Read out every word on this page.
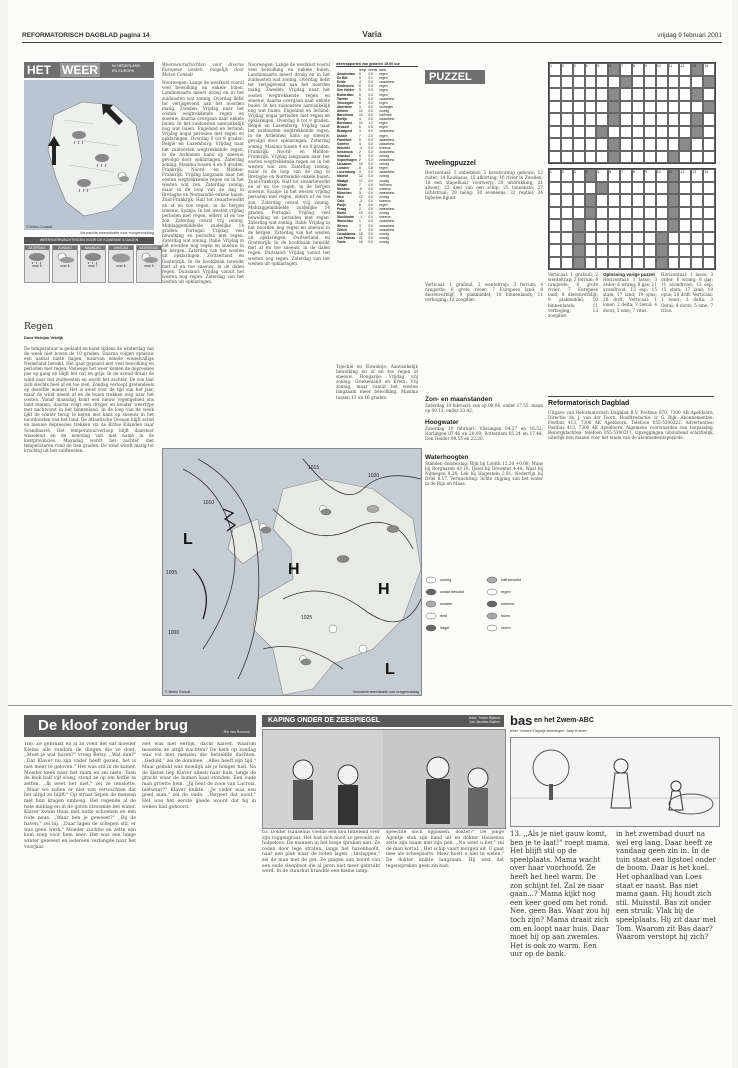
REFORMATORISCH DAGBLAD pagina 14	Varia	vrijdag 9 februari 2001
HET WEER	IN NEDERLAND
EN EUROPA
© Meteo Consult
Verwachte weersituatie voor morgenmiddag
WEERSVERWACHTINGEN VOOR DE KOMENDE 5 DAGEN
ZATERDAG
max 5
ZONDAG
max 6
MAANDAG
max 7
DINSDAG
max 6
WOENSDAG
max 5
Regen
Door Meinjan Veldijk
De temperatuur is gedaald en komt tijdens de winterdag van de week niet boven de 10 graden. Daarna volgen opnieuw een aantal natte dagen, waarvan enkele wisselvallige Nederland bereikt. Het gaat gepaard met veel bewolking en perioden met regen. Vanwege het weer komen de depressies pas op gang en blijft het nat en grijs. In de avond draait de wind naar het zuidwesten en wordt het zachter. De zon laat zich slechts heel af en toe zien. Zondag verloopt grotendeels op dezelfde manier. Het is koud voor de tijd van het jaar, maar de wind neemt af en de buien trekken weg naar het oosten. Vanaf maandag komt een nieuw regengebied ons land binnen, daarna volgt een droger en kouder weertype met nachtvorst in het binnenland. In de loop van de week lijkt de winter terug te keren met kans op sneeuw in het noordoosten van het land. De Atlantische Oceaan blijft actief en nieuwe depressies trekken via de Britse Eilanden naar Scandinavië. Het temperatuurverloop blijft daardoor wisselend en de neerslag valt met name in de kustprovincies. Maandag wordt het zachter met temperaturen rond de tien graden. De wind wordt matig tot krachtig uit het zuidwesten.
Weersvooruitzichten voor diverse Europese landen, mogelijk door Meteo Consult
Noorwegen: Lange de westkust vooral veel bewolking en enkele buien. Landinwaarts meest droog en in het zuidoosten wat zonnig. Overdag liefst ter verijsgevend aan het noorden matig. Zweden: Vrijdag naar het oosten wegtrekkende regen en sneeuw, daarna overgaan naar enkele buien. In het zuidoosten aanvankelijk nog wat buien. Engeland en Ierland: Vrijdag nogal perioden met regen en opklaringen. Overdag 6 tot 9 graden. België en Luxemburg: Vrijdag naar het zuidoosten wegtrekkende regen, in de Ardennen kans op sneeuw, gevolgd door opklaringen. Zaterdag zonnig. Maxima tussen 4 en 8 graden. Frankrijk: Noord- en Midden-Frankrijk: Vrijdag langzaam naar het oosten wegtrekkende regen en in het westen wat zon. Zaterdag zonnig, maar in de loop van de dag in Bretagne en Normandië enkele buien. Zuid-Frankrijk: Half tot zwaarbewolkt en af en toe regen, in de bergen sneeuw. Spanje: In het westen vrijdag perioden met regen, elders af en toe zon. Zaterdag overal vrij zonnig. Middaggemiddelde zuidelijke 14 graden. Portugal: Vrijdag veel bewolking en perioden met regen. Zaterdag wat zonnig. Italië: Vrijdag in het noorden nog regen en sneeuw in de bergen. Zaterdag van het westen uit opklaringen. Zwitserland en Oostenrijk: In de hoofdzaak bewolkt met af en toe sneeuw, in de dalen regen. Duitsland: Vrijdag vanuit het westen nog regen. Zaterdag van het westen uit opklaringen.
Noorwegen: Lange de westkust vooral veel bewolking en enkele buien. Landinwaarts meest droog en in het zuidoosten wat zonnig. Overdag liefst ter verijsgevend aan het noorden matig. Zweden: Vrijdag naar het oosten wegtrekkende regen en sneeuw, daarna overgaan naar enkele buien. In het zuidoosten aanvankelijk nog wat buien. Engeland en Ierland: Vrijdag nogal perioden met regen en opklaringen. Overdag 6 tot 9 graden. België en Luxemburg: Vrijdag naar het zuidoosten wegtrekkende regen, in de Ardennen kans op sneeuw, gevolgd door opklaringen. Zaterdag zonnig. Maxima tussen 4 en 8 graden. Frankrijk: Noord- en Midden-Frankrijk: Vrijdag langzaam naar het oosten wegtrekkende regen en in het westen wat zon. Zaterdag zonnig, maar in de loop van de dag in Bretagne en Normandië enkele buien. Zuid-Frankrijk: Half tot zwaarbewolkt en af en toe regen, in de bergen sneeuw. Spanje: In het westen vrijdag perioden met regen, elders af en toe zon. Zaterdag overal vrij zonnig. Middaggemiddelde zuidelijke 14 graden. Portugal: Vrijdag veel bewolking en perioden met regen. Zaterdag wat zonnig. Italië: Vrijdag in het noorden nog regen en sneeuw in de bergen. Zaterdag van het westen uit opklaringen. Zwitserland en Oostenrijk: In de hoofdzaak bewolkt met af en toe sneeuw, in de dalen regen. Duitsland: Vrijdag vanuit het westen nog regen. Zaterdag van het westen uit opklaringen.
weerrapporten van gisteren 19.00 uur
	temp	neersl	weer
Amsterdam	5	0.0	regen
De Bilt	5	0.1	regen
Eelde	4	0.0	zwaarbew.
Eindhoven	6	0.3	regen
Den Helder	5	0.0	regen
Rotterdam	6	0.4	regen
Twente	5	0.0	zwaarbew.
Vlissingen	6	0.2	regen
Aberdeen	3	0.0	motregen
Athene	14	0.0	zonnig
Barcelona	13	0.0	half bew.
Berlijn	4	0.0	zwaarbew.
Bordeaux	10	1.2	regen
Brussel	6	0.5	regen
Budapest	3	0.0	zwaarbew.
Dublin	7	2.0	regen
Frankfurt	5	0.0	zwaarbew.
Genève	4	0.0	zwaarbew.
Helsinki	-4	0.0	sneeuw
Innsbruck	2	0.0	zwaarbew.
Istanbul	9	0.0	zonnig
Kopenhagen	2	0.0	zwaarbew.
Lissabon	15	0.0	zonnig
Londen	8	0.8	regen
Luxemburg	4	0.0	zwaarbew.
Madrid	12	0.0	zonnig
Malaga	17	0.0	zonnig
Milaan	7	0.0	half bew.
Moskou	-6	0.0	sneeuw
München	3	0.0	zwaarbew.
Nice	12	0.0	zonnig
Oslo	-2	0.0	sneeuw
Parijs	8	0.6	regen
Praag	2	0.0	zwaarbew.
Rome	13	0.0	zonnig
Stockholm	-1	0.0	sneeuw
Warschau	1	0.0	zwaarbew.
Wenen	3	0.0	zwaarbew.
Zürich	4	0.0	zwaarbew.
Casablanca	18	0.0	zonnig
Las Palmas	21	0.0	zonnig
Tunis	16	0.0	zonnig
Tsjechië en Slowakije: Aanvankelijk bewolking en af en toe regen of sneeuw. Hongarije: Vrijdag vrij zonnig. Griekenland en Kreta: Vrij zonnig, maar vanuit het westen langzaam meer bewolking. Maxima tussen 13 en 16 graden.
PUZZEL
1	2	3	4	5	6	7	8	9	10	11	12	13	14
1	2	3	4	5	6	7	8	9	10	11	12	13	14
Tweelingpuzzel
Horizontaal: 1 onbekend; 5 hevelvormig gebouw; 12 ruiter; 14 Kaukasus; 15 afkorting; 16 rivier in Zweden; 18 een stapelbaar voorwerp; 20 uitdrukking; 21 alweer; 23 deel van een schip; 25 binnenste; 27 lichtstraal; 29 heilig; 30 eveneens; 32 reptiel; 34 bijbelse figuur.
Verticaal: 1 grafzuil; 2 wenteltrap; 3 ferrum; 4 rangorde; 6 grote rivier; 7 Europees land; 8 dierenverblijf; 9 plakmiddel; 10 binnenlands; 11 verhoging; 13 zoogdier.
Verticaal: 1 grafzuil; 2 wenteltrap; 3 ferrum; 4 rangorde; 6 grote rivier; 7 Europees land; 8 dierenverblijf; 9 plakmiddel; 10 binnenlands; 11 verhoging; 13 zoogdier.
Oplossing vorige puzzel
Horizontaal: 1 lasso; 3 order; 6 wrang; 8 gas; 11 avondrood; 13 esp; 15 stam; 17 land; 19 opus; 20 drift. Verticaal: 1 loner; 2 delta; 3 Oeral; 4 dorst; 5 ome; 7 ritus.
Horizontaal: 1 lasso; 3 order; 6 wrang; 8 gas; 11 avondrood; 13 esp; 15 stam; 17 land; 19 opus; 20 drift. Verticaal: 1 loner; 2 delta; 3 Oeral; 4 dorst; 5 ome; 7 ritus.
Zon- en maanstanden
Zaterdag 10 februari: zon op 08.04, onder 17.55. maan op 09.13, onder 23.42.
Hoogwater
Zaterdag 10 februari: Vlissingen 04.27 en 16.52; Harlingen 07.46 en 20.09; Rotterdam 05.24 en 17.48; Den Helder 09.55 en 22.20.
Waterhoogten
Standen donderdag: Rijn bij Lobith 12.20 +0.08; Maas bij Borgharen 43.10; IJssel bij Deventer 4.48; Waal bij Nijmegen 9.24; Lek bij Hagestein 2.81; Nederrijn bij Driel 8.17. Verwachting: lichte stijging van het water in de Rijn en Maas.
Reformatorisch Dagblad
Uitgave van Reformatorisch Dagblad B.V. Postbus 670, 7300 AR Apeldoorn. Directie: ds. J. van der Toorn. Hoofdredactie: ir. G. Rijk. Abonnementen: Postbus 413, 7300 AK Apeldoorn. Telefoon 055-5390222. Advertenties: Postbus 413, 7300 AK Apeldoorn. Algemene voorwaarden van toepassing. Bezorgklachten: telefoon 055-5390211. Opzeggingen uitsluitend schriftelijk, uiterlijk één maand voor het einde van de abonnementsperiode.
L
H
H
L
1015
1020
1010
1005
1000
1025
© Meteo Consult	Verwachte weersituatie voor morgenmiddag
zonnig	half bewolkt
zwaar bewolkt	regen
onweer	sneeuw
mist	buien
hagel	storm
De kloof zonder brug	Rie van Rossum
166. Ze gebruikt en al zo voelt het dat moeder Kleine alle rondom de dingen die ze doet. ,,Moet je wat horen?" vroeg Betsy. ,,Wat dan?" ,,Dat Klaver nu zijn vader heeft gezien, het is niet meer te geloven." Het was stil in de kamer. Moeder keek naar het raam en zei niets. Toen de klok half vijf sloeg, stond ze op om koffie te zetten. ,,Ik weet het niet," zei ze tenslotte. ,,Maar we zullen er niet van verwachten dat het altijd zo blijft." Op straat liepen de mensen met hun kragen omhoog. Het regende al de hele middag en in de goten stroomde het water. Klaver kwam thuis met natte schoenen en een rode neus. ,,Waar ben je geweest?" ,,Bij de haven," zei hij. ,,Daar lagen de schepen stil, er was geen werk." Moeder zuchtte en zette een kom soep voor hem neer. Het was een lange winter geweest en iedereen verlangde naar het voorjaar.
Het was niet eerlijk, dacht Klaver. Waarom moesten ze altijd wachten? De kerk op zondag was vol met mensen die hetzelfde dachten. ,,Geduld," zei de dominee. ,,Alles heeft zijn tijd." Maar geduld was moeilijk als je honger had. Na de dienst liep Klaver alleen naar huis, langs de gracht waar de bomen kaal stonden. Een oude man groette hem. ,,Jij bent de zoon van Lacroix, nietwaar?" Klaver knikte. ,,Je vader was een goed man," zei de oude. ,,Vergeet dat nooit." Het was het eerste goede woord dat hij in weken had gehoord.
KAPING ONDER DE ZEESPIEGEL	tekst: Tineke Bijlsma
Jan Jacobse Bakker
63. Dokter Hausenus voelde een kou tintelend over zijn ruggengraat. Het had zich nooit zo gevoeld, zo hulpeloos. De mannen in het busje spraken niet. Ze reden door lege straten, langs het havenhoofd, naar een plek waar de boten lagen. ,,Instappen," zei de man met de pet. Ze gingen aan boord van een oude sleepboot die al jaren niet meer gebruikt werd. In de stuurhut brandde een kleine lamp.
speechte doch oppassen, dokter?" De jonge Agentje stak zijn hand uit en dokter Hausenus zette zijn naam met zijn pen. ,,Nu weet u het," zei de man kortaf. ,,Het schip vaart morgen uit. U gaat mee als scheepsarts. Meer hoeft u niet te weten." De dokter knikte langzaam. Hij wist dat tegenspreken geen zin had.
bas en het Zwem-ABC
tekst: Vincent Klapwijk tekeningen: Jaap Kramer
13. ,,Als je niet gauw komt, ben je te laat!" roept mama. Het blijft stil op de speelplaats. Mama wacht over haar voorhoofd. Ze heeft het heel warm. De zon schijnt fel. Zal ze naar gaan...? Mama kijkt nog een keer goed om het rond. Nee, geen Bas. Waar zou hij toch zijn? Mama draait zich om en loopt naar huis. Daar moet hij op aan zwemles. Het is ook zo warm. Een uur op de bank.
in het zwembad duurt na wel erg lang. Daar heeft ze vandaag geen zin in. In de tuin staat een ligstoel onder de boom. Daar is het koel. Het ophaalbad van Loes staat er naast. Bas niet mama gaan. Hij houdt zich stil. Muisstil. Bas zit onder een struik. Vlak bij de speelplaats. Hij zit daar met Tom. Waarom zit Bas daar? Waarom verstopt hij zich?
